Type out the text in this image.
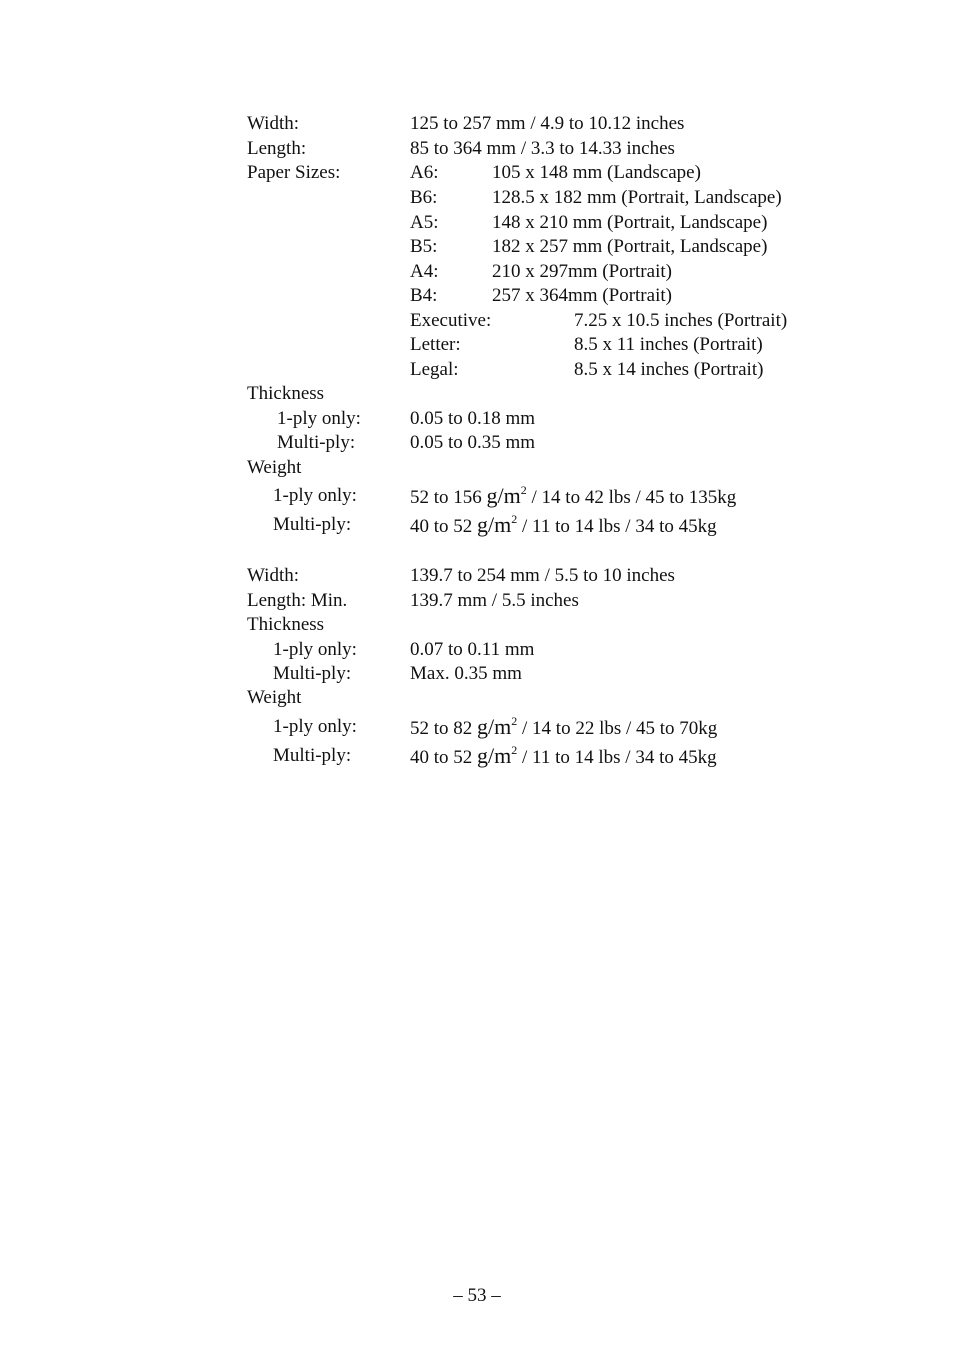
Width:	125 to 257 mm / 4.9 to 10.12 inches
Length:	85 to 364 mm / 3.3 to 14.33 inches
Paper Sizes:	A6:	105 x 148 mm (Landscape)
B6:	128.5 x 182 mm (Portrait, Landscape)
A5:	148 x 210 mm (Portrait, Landscape)
B5:	182 x 257 mm (Portrait, Landscape)
A4:	210 x 297mm (Portrait)
B4:	257 x 364mm (Portrait)
Executive:	7.25 x 10.5 inches (Portrait)
Letter:	8.5 x 11 inches (Portrait)
Legal:	8.5 x 14 inches (Portrait)
Thickness
1-ply only:	0.05 to 0.18 mm
Multi-ply:	0.05 to 0.35 mm
Weight
1-ply only:	52 to 156 $g/m^2 / 14$ to 42 lbs / 45 to 135kg
Multi-ply:	40 to 52 $g/m^2 / 11$ to 14 lbs / 34 to 45kg
Width:	139.7 to 254 mm / 5.5 to 10 inches
Length: Min.	139.7 mm / 5.5 inches
Thickness
1-ply only:	0.07 to 0.11 mm
Multi-ply:	Max. 0.35 mm
Weight
1-ply only:	52 to 82 $g/m^2 / 14$ to 22 lbs / 45 to 70kg
Multi-ply:	40 to 52 $g/m^2 / 11$ to 14 lbs / 34 to 45kg
– 53 –
